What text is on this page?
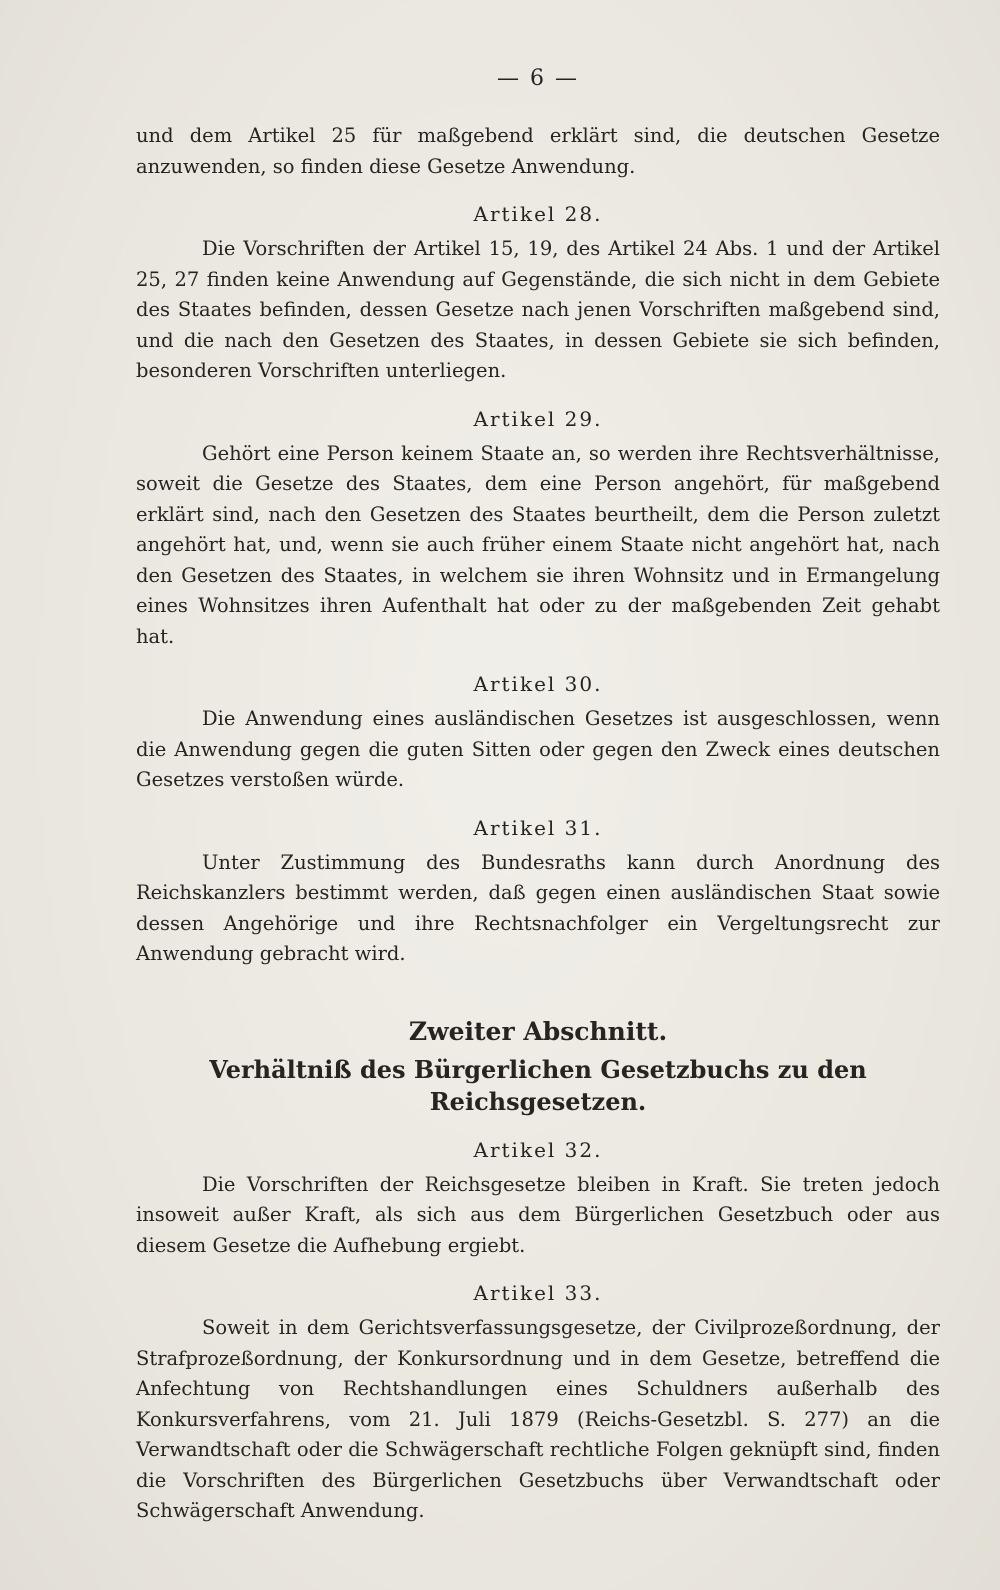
— 6 —

und dem Artikel 25 für maßgebend erklärt sind, die deutschen Gesetze anzuwenden, so finden diese Gesetze Anwendung.

Artikel 28.

Die Vorschriften der Artikel 15, 19, des Artikel 24 Abs. 1 und der Artikel 25, 27 finden keine Anwendung auf Gegenstände, die sich nicht in dem Gebiete des Staates befinden, dessen Gesetze nach jenen Vorschriften maßgebend sind, und die nach den Gesetzen des Staates, in dessen Gebiete sie sich befinden, besonderen Vorschriften unterliegen.

Artikel 29.

Gehört eine Person keinem Staate an, so werden ihre Rechtsverhältnisse, soweit die Gesetze des Staates, dem eine Person angehört, für maßgebend erklärt sind, nach den Gesetzen des Staates beurtheilt, dem die Person zuletzt angehört hat, und, wenn sie auch früher einem Staate nicht angehört hat, nach den Gesetzen des Staates, in welchem sie ihren Wohnsitz und in Ermangelung eines Wohnsitzes ihren Aufenthalt hat oder zu der maßgebenden Zeit gehabt hat.

Artikel 30.

Die Anwendung eines ausländischen Gesetzes ist ausgeschlossen, wenn die Anwendung gegen die guten Sitten oder gegen den Zweck eines deutschen Gesetzes verstoßen würde.

Artikel 31.

Unter Zustimmung des Bundesraths kann durch Anordnung des Reichskanzlers bestimmt werden, daß gegen einen ausländischen Staat sowie dessen Angehörige und ihre Rechtsnachfolger ein Vergeltungsrecht zur Anwendung gebracht wird.

Zweiter Abschnitt.
Verhältniß des Bürgerlichen Gesetzbuchs zu den Reichsgesetzen.
Artikel 32.

Die Vorschriften der Reichsgesetze bleiben in Kraft. Sie treten jedoch insoweit außer Kraft, als sich aus dem Bürgerlichen Gesetzbuch oder aus diesem Gesetze die Aufhebung ergiebt.

Artikel 33.

Soweit in dem Gerichtsverfassungsgesetze, der Civilprozeßordnung, der Strafprozeßordnung, der Konkursordnung und in dem Gesetze, betreffend die Anfechtung von Rechtshandlungen eines Schuldners außerhalb des Konkursverfahrens, vom 21. Juli 1879 (Reichs-Gesetzbl. S. 277) an die Verwandtschaft oder die Schwägerschaft rechtliche Folgen geknüpft sind, finden die Vorschriften des Bürgerlichen Gesetzbuchs über Verwandtschaft oder Schwägerschaft Anwendung.
